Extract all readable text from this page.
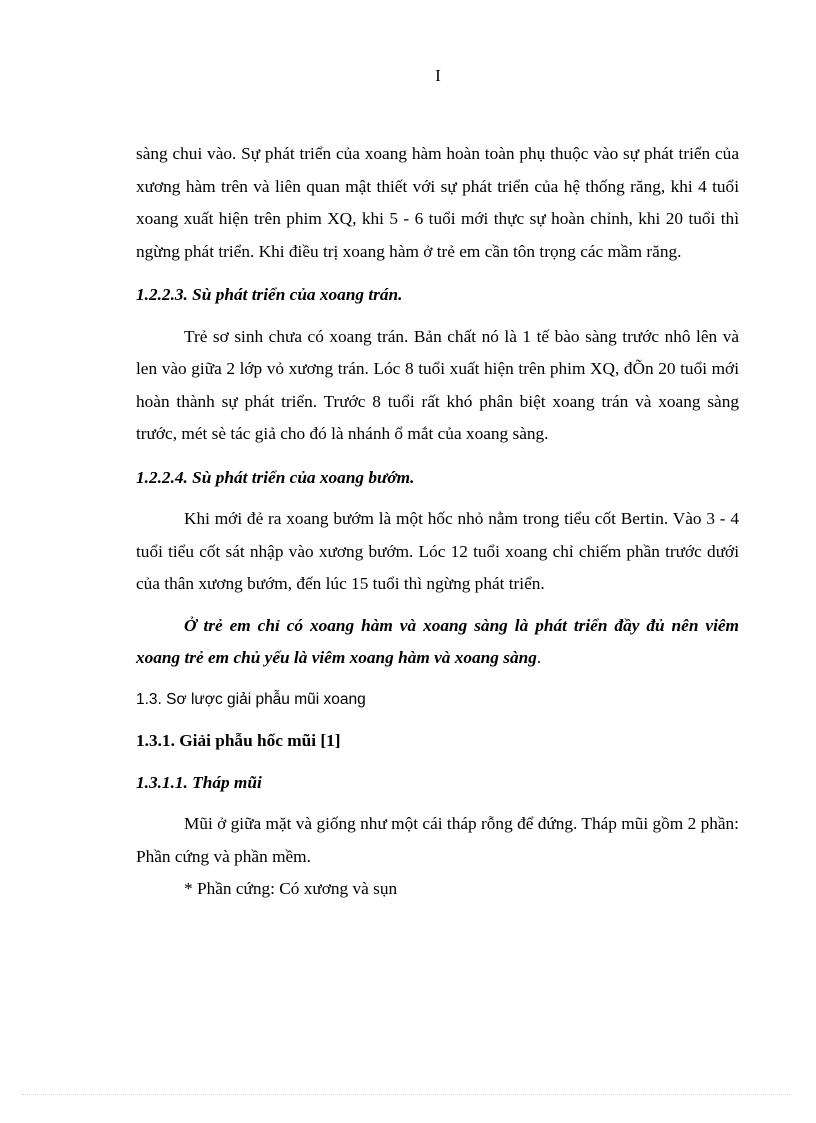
I

sàng chui vào. Sự phát triển của xoang hàm hoàn toàn phụ thuộc vào sự phát triển của xương hàm trên và liên quan mật thiết với sự phát triển của hệ thống răng, khi 4 tuổi xoang xuất hiện trên phim XQ, khi 5 - 6 tuổi mới thực sự hoàn chỉnh, khi 20 tuổi thì ngừng phát triển. Khi điều trị xoang hàm ở trẻ em cần tôn trọng các mầm răng.

1.2.2.3. Sù phát triển của xoang trán.

Trẻ sơ sinh chưa có xoang trán. Bản chất nó là 1 tế bào sàng trước nhô lên và len vào giữa 2 lớp vỏ xương trán. Lóc 8 tuổi xuất hiện trên phim XQ, đÕn 20 tuổi mới hoàn thành sự phát triển. Trước 8 tuổi rất khó phân biệt xoang trán và xoang sàng trước, mét sè tác giả cho đó là nhánh ổ mắt của xoang sàng.

1.2.2.4. Sù phát triển của xoang bướm.

Khi mới đẻ ra xoang bướm là một hốc nhỏ nằm trong tiểu cốt Bertin. Vào 3 - 4 tuổi tiểu cốt sát nhập vào xương bướm. Lóc 12 tuổi xoang chỉ chiếm phần trước dưới của thân xương bướm, đến lúc 15 tuổi thì ngừng phát triển.

Ở trẻ em chỉ có xoang hàm và xoang sàng là phát triển đầy đủ nên viêm xoang trẻ em chủ yếu là viêm xoang hàm và xoang sàng.

1.3. Sơ lược giải phẫu mũi xoang

1.3.1. Giải phẫu hốc mũi [1]

1.3.1.1. Tháp mũi

Mũi ở giữa mặt và giống như một cái tháp rỗng để đứng. Tháp mũi gồm 2 phần: Phần cứng và phần mềm.

* Phần cứng: Có xương và sụn
